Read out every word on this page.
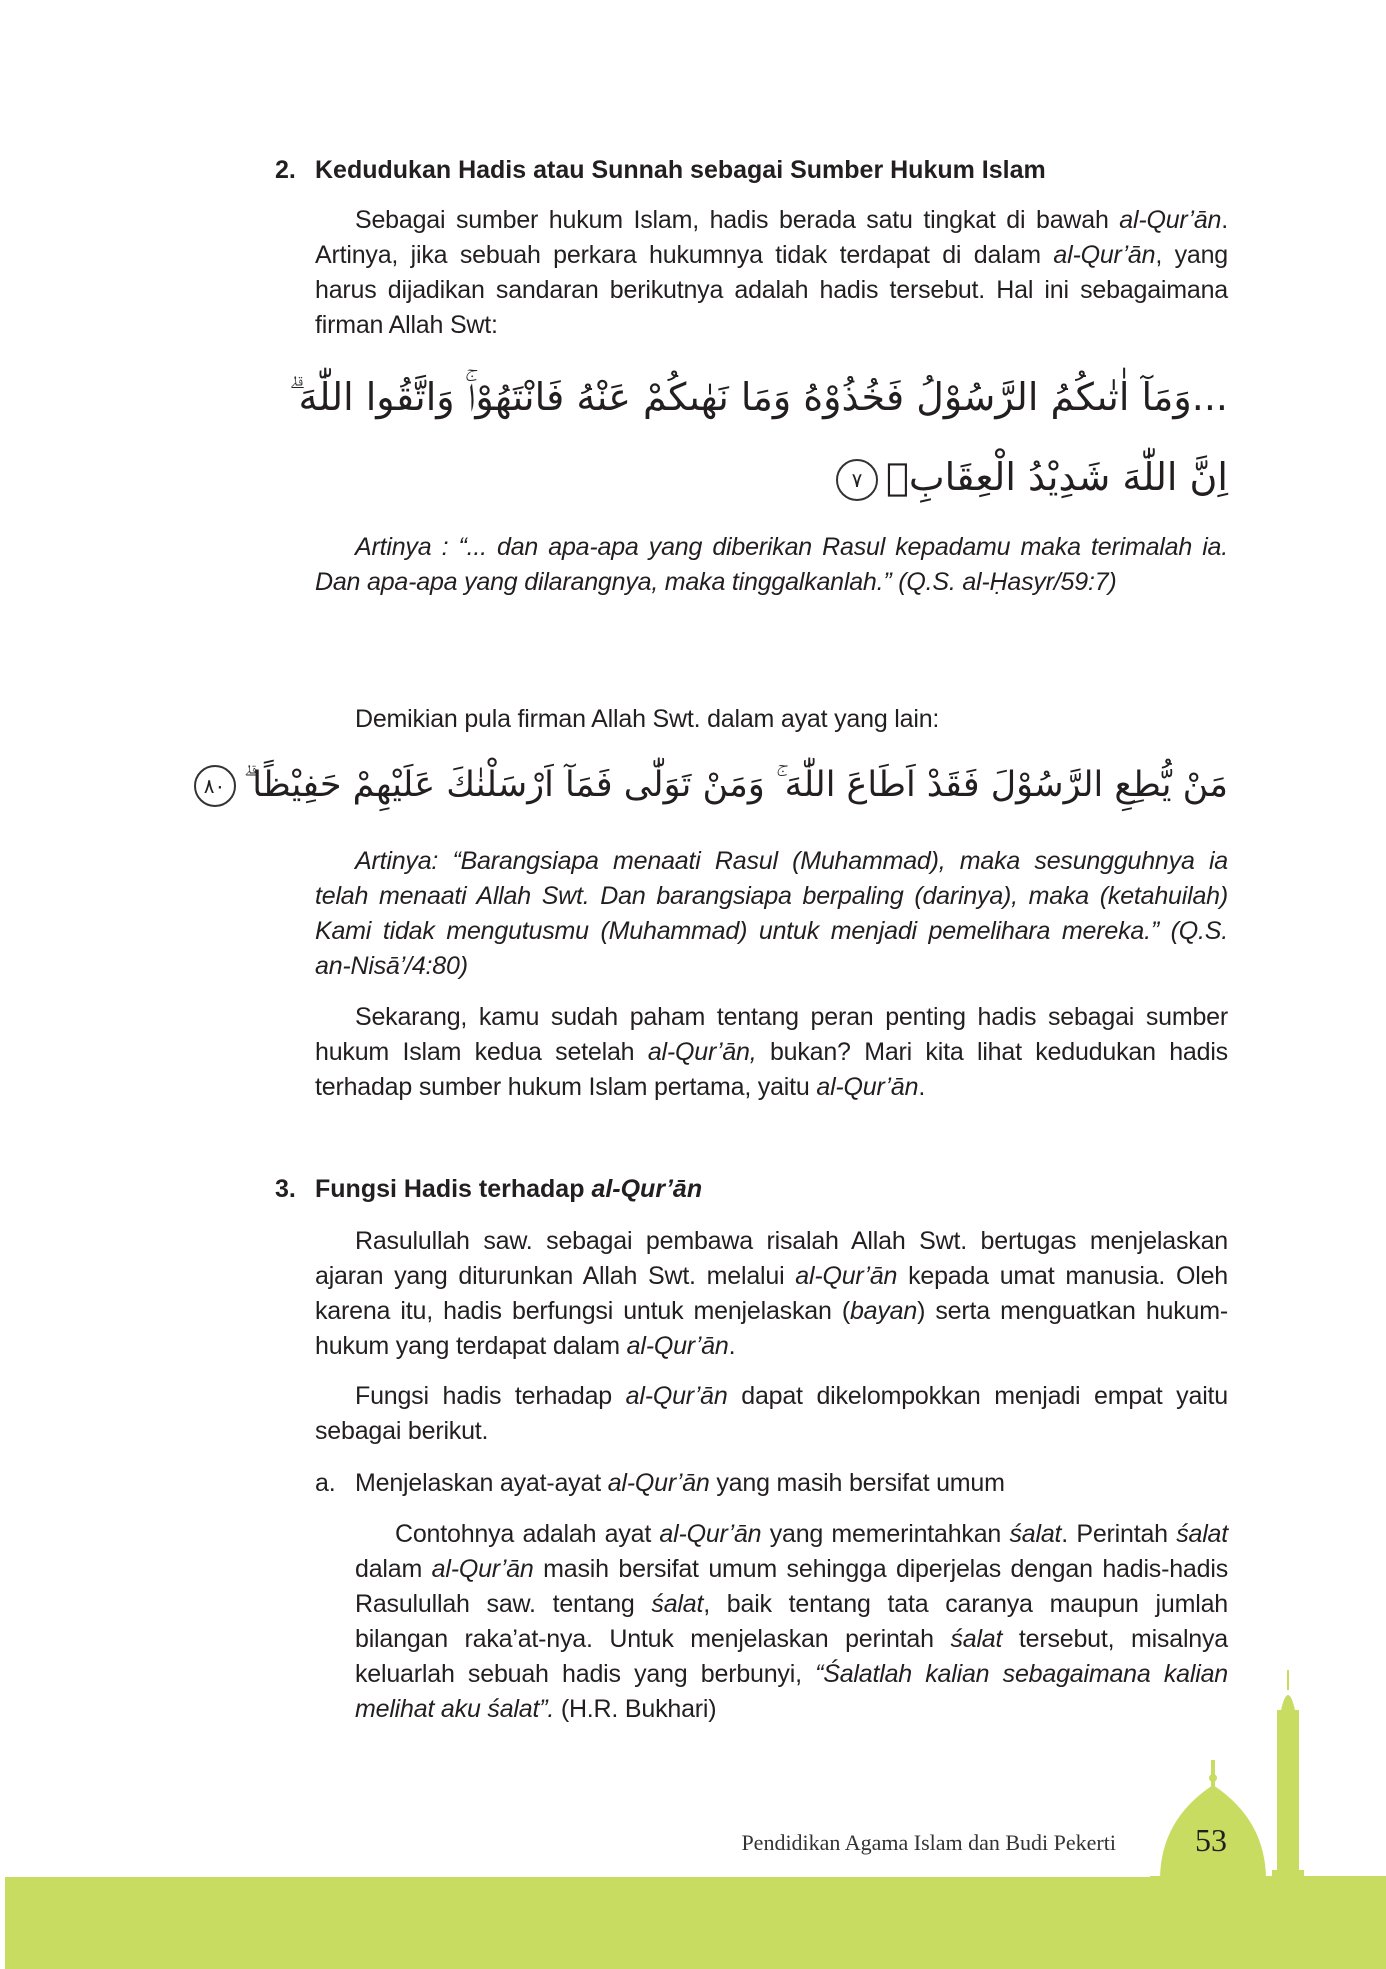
2. Kedudukan Hadis atau Sunnah sebagai Sumber Hukum Islam
Sebagai sumber hukum Islam, hadis berada satu tingkat di bawah al-Qur’ān. Artinya, jika sebuah perkara hukumnya tidak terdapat di dalam al-Qur’ān, yang harus dijadikan sandaran berikutnya adalah hadis tersebut. Hal ini sebagaimana firman Allah Swt:
...وَمَآ اٰتٰىكُمُ الرَّسُوْلُ فَخُذُوْهُ وَمَا نَهٰىكُمْ عَنْهُ فَانْتَهُوْاۚ وَاتَّقُوا اللّٰهَ ۗ
اِنَّ اللّٰهَ شَدِيْدُ الْعِقَابِۘ٧
Artinya : “... dan apa-apa yang diberikan Rasul kepadamu maka terimalah ia. Dan apa-apa yang dilarangnya, maka tinggalkanlah.” (Q.S. al-Ḥasyr/59:7)
Demikian pula firman Allah Swt. dalam ayat yang lain:
مَنْ يُّطِعِ الرَّسُوْلَ فَقَدْ اَطَاعَ اللّٰهَ ۚ وَمَنْ تَوَلّٰى فَمَآ اَرْسَلْنٰكَ عَلَيْهِمْ حَفِيْظًا ۗ٨٠
Artinya: “Barangsiapa menaati Rasul (Muhammad), maka sesungguhnya ia telah menaati Allah Swt. Dan barangsiapa berpaling (darinya), maka (ketahuilah) Kami tidak mengutusmu (Muhammad) untuk menjadi pemelihara mereka.” (Q.S. an-Nisā’/4:80)
Sekarang, kamu sudah paham tentang peran penting hadis sebagai sumber hukum Islam kedua setelah al-Qur’ān, bukan? Mari kita lihat kedudukan hadis terhadap sumber hukum Islam pertama, yaitu al-Qur’ān.
3. Fungsi Hadis terhadap al-Qur’ān
Rasulullah saw. sebagai pembawa risalah Allah Swt. bertugas menjelaskan ajaran yang diturunkan Allah Swt. melalui al-Qur’ān kepada umat manusia. Oleh karena itu, hadis berfungsi untuk menjelaskan (bayan) serta menguatkan hukum-hukum yang terdapat dalam al-Qur’ān.
Fungsi hadis terhadap al-Qur’ān dapat dikelompokkan menjadi empat yaitu sebagai berikut.
a. Menjelaskan ayat-ayat al-Qur’ān yang masih bersifat umum
Contohnya adalah ayat al-Qur’ān yang memerintahkan śalat. Perintah śalat dalam al-Qur’ān masih bersifat umum sehingga diperjelas dengan hadis-hadis Rasulullah saw. tentang śalat, baik tentang tata caranya maupun jumlah bilangan raka’at-nya. Untuk menjelaskan perintah śalat tersebut, misalnya keluarlah sebuah hadis yang berbunyi, “Śalatlah kalian sebagaimana kalian melihat aku śalat”. (H.R. Bukhari)
Pendidikan Agama Islam dan Budi Pekerti 53
